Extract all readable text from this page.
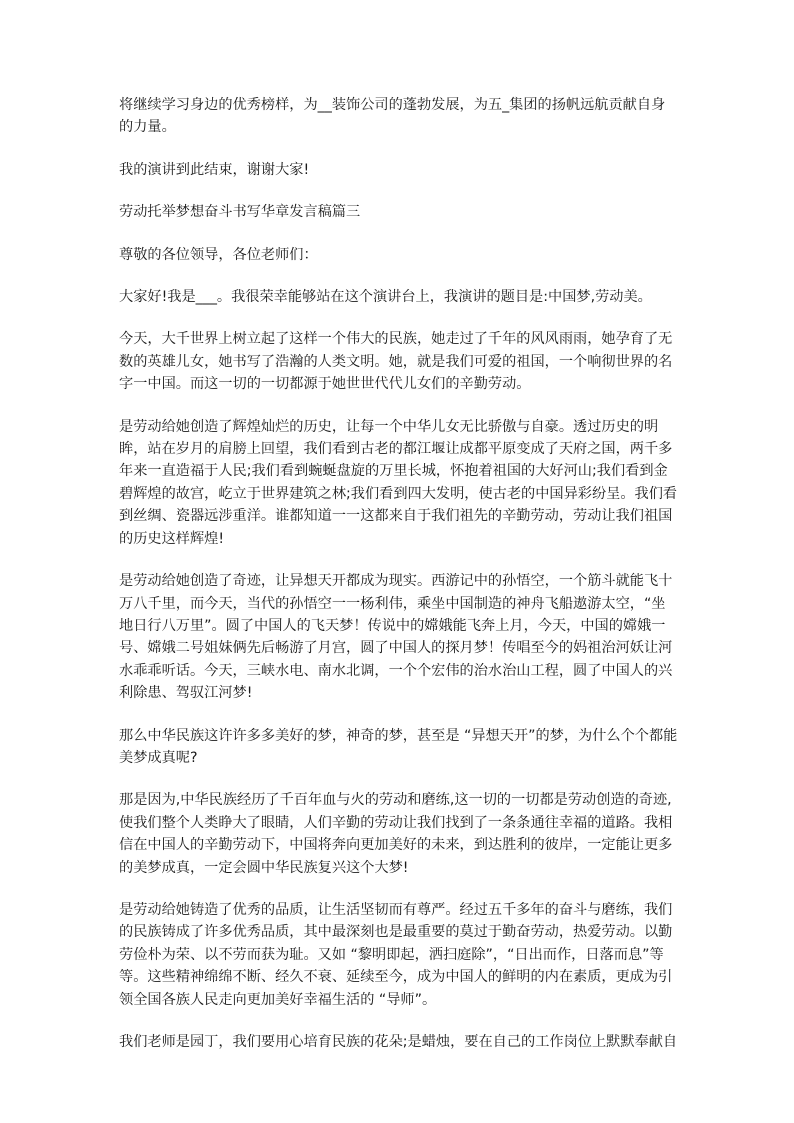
将继续学习身边的优秀榜样，为__装饰公司的蓬勃发展，为五_集团的扬帆远航贡献自身的力量。

我的演讲到此结束，谢谢大家!

劳动托举梦想奋斗书写华章发言稿篇三

尊敬的各位领导，各位老师们：

大家好!我是___。我很荣幸能够站在这个演讲台上，我演讲的题目是:中国梦,劳动美。

今天，大千世界上树立起了这样一个伟大的民族，她走过了千年的风风雨雨，她孕育了无数的英雄儿女，她书写了浩瀚的人类文明。她，就是我们可爱的祖国，一个响彻世界的名字一中国。而这一切的一切都源于她世世代代儿女们的辛勤劳动。

是劳动给她创造了辉煌灿烂的历史，让每一个中华儿女无比骄傲与自豪。透过历史的明眸，站在岁月的肩膀上回望，我们看到古老的都江堰让成都平原变成了天府之国，两千多年来一直造福于人民;我们看到蜿蜒盘旋的万里长城，怀抱着祖国的大好河山;我们看到金碧辉煌的故宫，屹立于世界建筑之林;我们看到四大发明，使古老的中国异彩纷呈。我们看到丝绸、瓷器远涉重洋。谁都知道一一这都来自于我们祖先的辛勤劳动，劳动让我们祖国的历史这样辉煌!

是劳动给她创造了奇迹，让异想天开都成为现实。西游记中的孙悟空，一个筋斗就能飞十万八千里，而今天，当代的孙悟空一一杨利伟，乘坐中国制造的神舟飞船遨游太空，“坐地日行八万里”。圆了中国人的飞天梦！传说中的嫦娥能飞奔上月，今天，中国的嫦娥一号、嫦娥二号姐妹俩先后畅游了月宫，圆了中国人的探月梦！传唱至今的妈祖治河妖让河水乖乖听话。今天，三峡水电、南水北调，一个个宏伟的治水治山工程，圆了中国人的兴利除患、驾驭江河梦!

那么中华民族这许许多多美好的梦，神奇的梦，甚至是 “异想天开”的梦，为什么个个都能美梦成真呢?

那是因为,中华民族经历了千百年血与火的劳动和磨练,这一切的一切都是劳动创造的奇迹,使我们整个人类睁大了眼睛，人们辛勤的劳动让我们找到了一条条通往幸福的道路。我相信在中国人的辛勤劳动下，中国将奔向更加美好的未来，到达胜利的彼岸，一定能让更多的美梦成真，一定会圆中华民族复兴这个大梦!

是劳动给她铸造了优秀的品质，让生活坚韧而有尊严。经过五千多年的奋斗与磨练，我们的民族铸成了许多优秀品质，其中最深刻也是最重要的莫过于勤奋劳动，热爱劳动。以勤劳俭朴为荣、以不劳而获为耻。又如 “黎明即起，洒扫庭除”，“日出而作，日落而息”等等。这些精神绵绵不断、经久不衰、延续至今，成为中国人的鲜明的内在素质，更成为引领全国各族人民走向更加美好幸福生活的 “导师”。

我们老师是园丁，我们要用心培育民族的花朵;是蜡烛，要在自己的工作岗位上默默奉献自
